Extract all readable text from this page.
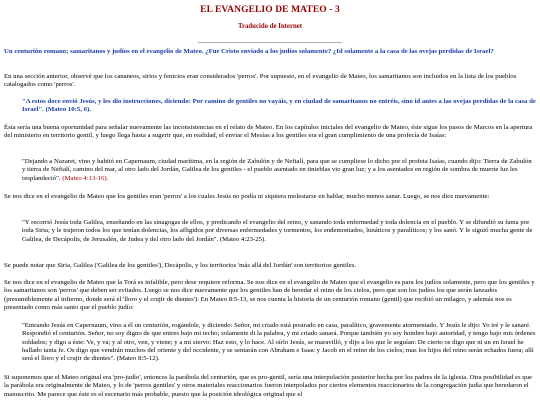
EL EVANGELIO DE MATEO - 3
Traducido de Internet

Un centurión romano; samaritanos y judíos en el evangelio de Mateo. ¿Fue Cristo enviado a los judíos solamente? ¿Id solamente a la casa de las ovejas perdidas de Israel?

En una sección anterior, observé que los cananeos, sirios y fenicios eran considerados 'perros'. Por supuesto, en el evangelio de Mateo, los samaritanos son incluidos en la lista de los pueblos catalogados como 'perros'.

"A estos doce envió Jesús, y les dio instrucciones, diciendo: Por camino de gentiles no vayáis, y en ciudad de samaritanos no entréis, sino id antes a las ovejas perdidas de la casa de Israel". (Mateo 10:5, 6).

Ésta sería una buena oportunidad para señalar nuevamente las inconsistencias en el relato de Mateo. En los capítulos iniciales del evangelio de Mateo, éste sigue los pasos de Marcos en la apertura del ministerio en territorio gentil, y luego llega hasta a sugerir que, en realidad, el enviar el Mesías a los gentiles era el gran cumplimiento de una profecía de Isaías:

"Dejando a Nazaret, vino y habitó en Capernaum, ciudad marítima, en la región de Zabulón y de Neftalí, para que se cumpliese lo dicho por el profeta Isaías, cuando dijo: Tierra de Zabulón y tierra de Neftalí, camino del mar, al otro lado del Jordán, Galilea de los gentiles - el pueblo asentado en tinieblas vio gran luz; y a los asentados en región de sombra de muerte luz les resplandeció". (Mateo 4:13-16).

Se nos dice en el evangelio de Mateo que los gentiles eran 'perros' a los cuales Jesús no podía ni siquiera molestarse en hablar, mucho menos sanar. Luego, se nos dice nuevamente:

"Y recorrió Jesús toda Galilea, enseñando en las sinagogas de ellos, y predicando el evangelio del reino, y sanando toda enfermedad y toda dolencia en el pueblo. Y se difundió su fama por toda Siria; y le trajeron todos los que tenían dolencias, los afligidos por diversas enfermedades y tormentos, los endemoniados, lunáticos y paralíticos; y los sanó. Y le siguió mucha gente de Galilea, de Decápolis, de Jerusalén, de Judea y del otro lado del Jordán". (Mateo 4:23-25).

Se puede notar que Siria, Galilea ('Galilea de los gentiles'), Decápolis, y los territorios 'más allá del Jordán' son territorios gentiles.

Se nos dice en el evangelio de Mateo que la Torá es infalible, pero dese requiere reforma. Se nos dice en el evangelio de Mateo que el evangelio es para los judíos solamente, pero que los gentiles y los samaritanos son 'perros' que deben ser evitados. Luego se nos dice nuevamente que los gentiles han de heredar el reino de los cielos, pero que son los judíos los que serán lanzados (presumiblemente al infierno, donde será el 'lloro y el crujir de dientes'). En Mateo 8:5-13, se nos cuenta la historia de un centurión romano (gentil) que recibió un milagro, y además nos es presentado como más santo que el pueblo judío:

"Entrando Jesús en Capernaum, vino a él un centurión, rogándole, y diciendo: Señor, mi criado está postrado en casa, paralítico, gravemente atormentado. Y Jesús le dijo: Yo iré y le sanaré. Respondió el centurión. Señor, no soy digno de que entres bajo mi techo; solamente di la palabra, y mi criado sanará. Porque también yo soy hombre bajo autoridad, y tengo bajo mis órdenes soldados; y digo a éste: Ve, y va; y al otro, ven, y viene; y a mi siervo: Haz esto, y lo hace. Al oírlo Jesús, se maravilló, y dijo a los que le seguían: De cierto os digo que ni un en Israel he hallado tanta fe. Os digo que vendrán muchos del oriente y del occidente, y se sentarán con Abraham e Isaac y Jacob en el reino de los cielos; mas los hijos del reino serán echados fuera; allí será el lloro y el crujir de dientes". (Mateo 8:5-12).

Si suponemos que el Mateo original era 'pro-judío', entonces la parábola del centurión, que es pro-gentil, sería una interpolación posterior hecha por los padres de la iglesia. Otra posibilidad es que la parábola era originalmente de Mateo, y lo de 'perros gentiles' y otros materiales reaccionarios fueron interpolados por ciertos elementos reaccionarios de la congregación judía que heredaron el manuscrito. Me parece que éste es el escenario más probable, puesto que la posición ideológica original que el
